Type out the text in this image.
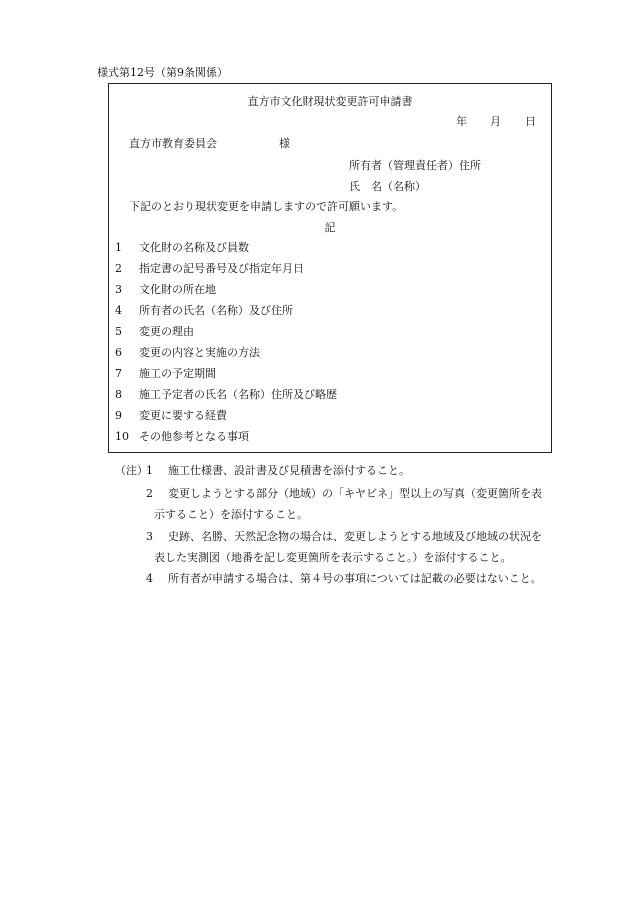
様式第12号（第9条関係）
直方市文化財現状変更許可申請書
年 月 日
直方市教育委員会	様
所有者（管理責任者）住所
氏　名（名称）
下記のとおり現状変更を申請しますので許可願います。
記
1 文化財の名称及び員数
2 指定書の記号番号及び指定年月日
3 文化財の所在地
4 所有者の氏名（名称）及び住所
5 変更の理由
6 変更の内容と実施の方法
7 施工の予定期間
8 施工予定者の氏名（名称）住所及び略歴
9 変更に要する経費
10 その他参考となる事項
（注）
1 施工仕様書、設計書及び見積書を添付すること。
2 変更しようとする部分（地域）の「キヤビネ」型以上の写真（変更箇所を表
示すること）を添付すること。
3 史跡、名勝、天然記念物の場合は、変更しようとする地域及び地域の状況を
表した実測図（地番を記し変更箇所を表示すること。）を添付すること。
4 所有者が申請する場合は、第４号の事項については記載の必要はないこと。
